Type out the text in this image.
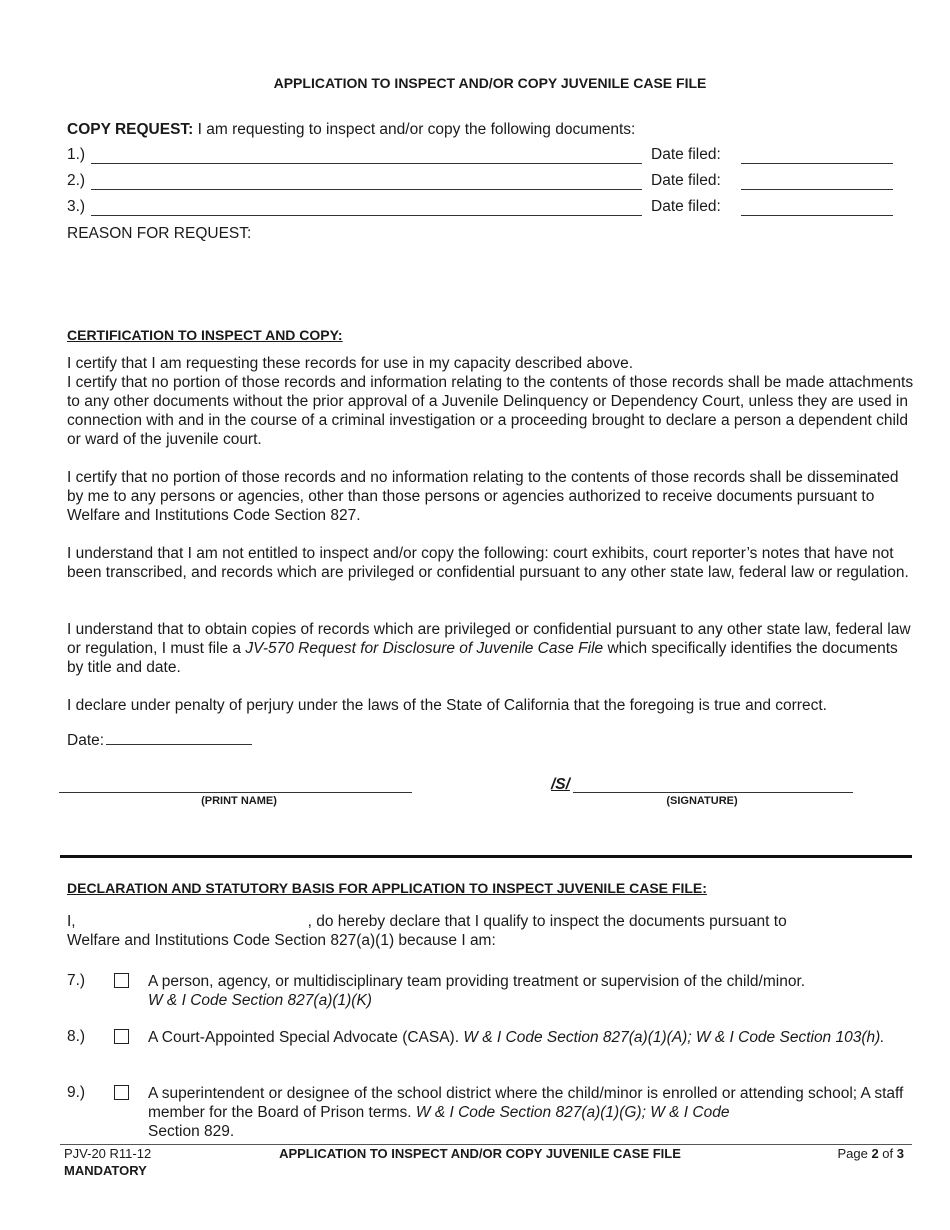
APPLICATION TO INSPECT AND/OR COPY JUVENILE CASE FILE
COPY REQUEST: I am requesting to inspect and/or copy the following documents:
1.)	Date filed:
2.)	Date filed:
3.)	Date filed:
REASON FOR REQUEST:
CERTIFICATION TO INSPECT AND COPY:
I certify that I am requesting these records for use in my capacity described above.
I certify that no portion of those records and information relating to the contents of those records shall be made attachments to any other documents without the prior approval of a Juvenile Delinquency or Dependency Court, unless they are used in connection with and in the course of a criminal investigation or a proceeding brought to declare a person a dependent child or ward of the juvenile court.
I certify that no portion of those records and no information relating to the contents of those records shall be disseminated by me to any persons or agencies, other than those persons or agencies authorized to receive documents pursuant to Welfare and Institutions Code Section 827.
I understand that I am not entitled to inspect and/or copy the following: court exhibits, court reporter’s notes that have not been transcribed, and records which are privileged or confidential pursuant to any other state law, federal law or regulation.
I understand that to obtain copies of records which are privileged or confidential pursuant to any other state law, federal law or regulation, I must file a JV-570 Request for Disclosure of Juvenile Case File which specifically identifies the documents by title and date.
I declare under penalty of perjury under the laws of the State of California that the foregoing is true and correct.
Date:
(PRINT NAME)
/S/
(SIGNATURE)
DECLARATION AND STATUTORY BASIS FOR APPLICATION TO INSPECT JUVENILE CASE FILE:
I,	, do hereby declare that I qualify to inspect the documents pursuant to
Welfare and Institutions Code Section 827(a)(1) because I am:
7.)	A person, agency, or multidisciplinary team providing treatment or supervision of the child/minor.
W & I Code Section 827(a)(1)(K)
8.)	A Court-Appointed Special Advocate (CASA). W & I Code Section 827(a)(1)(A); W & I Code Section 103(h).
9.)	A superintendent or designee of the school district where the child/minor is enrolled or attending school; A staff member for the Board of Prison terms. W & I Code Section 827(a)(1)(G); W & I Code
Section 829.
PJV-20 R11-12
MANDATORY
APPLICATION TO INSPECT AND/OR COPY JUVENILE CASE FILE	Page 2 of 3
